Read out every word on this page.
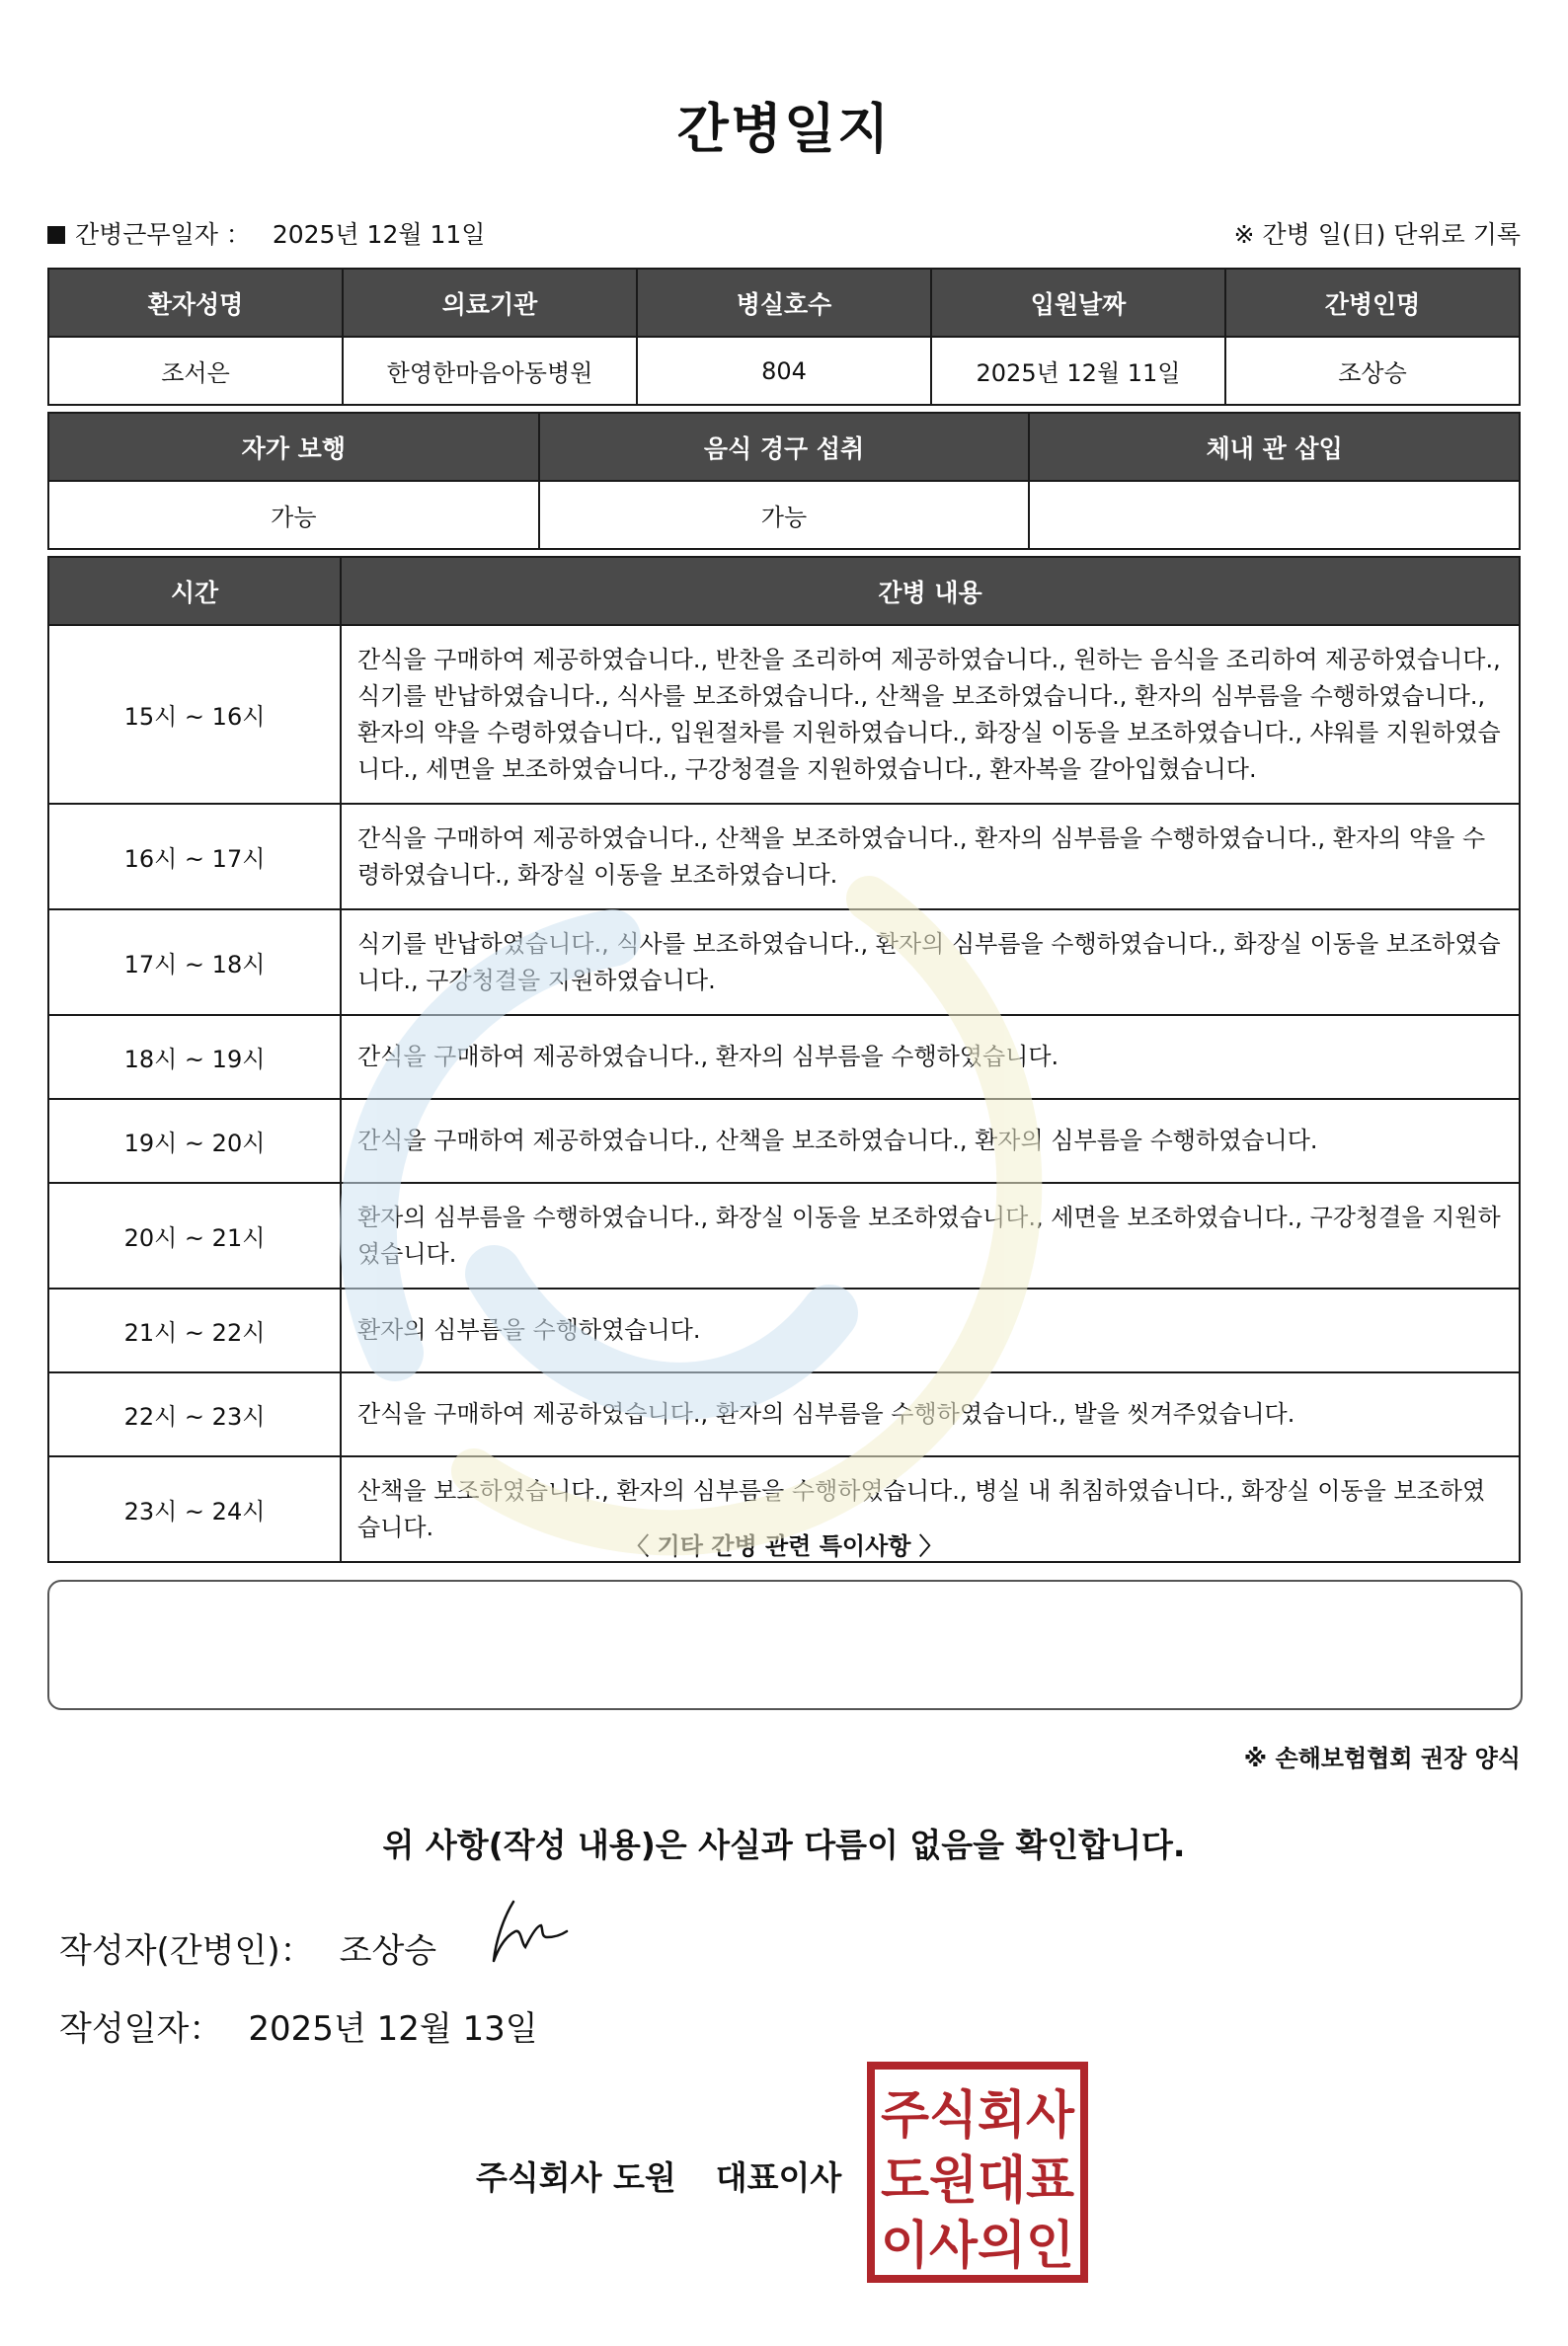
간병일지
간병근무일자 ： 2025년 12월 11일	※ 간병 일(日) 단위로 기록
환자성명	의료기관	병실호수	입원날짜	간병인명
조서은	한영한마음아동병원	804	2025년 12월 11일	조상승
자가 보행	음식 경구 섭취	체내 관 삽입
가능	가능	
시간	간병 내용
15시 ~ 16시	간식을 구매하여 제공하였습니다., 반찬을 조리하여 제공하였습니다., 원하는 음식을 조리하여 제공하였습니다., 식기를 반납하였습니다., 식사를 보조하였습니다., 산책을 보조하였습니다., 환자의 심부름을 수행하였습니다., 환자의 약을 수령하였습니다., 입원절차를 지원하였습니다., 화장실 이동을 보조하였습니다., 샤워를 지원하였습니다., 세면을 보조하였습니다., 구강청결을 지원하였습니다., 환자복을 갈아입혔습니다.
16시 ~ 17시	간식을 구매하여 제공하였습니다., 산책을 보조하였습니다., 환자의 심부름을 수행하였습니다., 환자의 약을 수령하였습니다., 화장실 이동을 보조하였습니다.
17시 ~ 18시	식기를 반납하였습니다., 식사를 보조하였습니다., 환자의 심부름을 수행하였습니다., 화장실 이동을 보조하였습니다., 구강청결을 지원하였습니다.
18시 ~ 19시	간식을 구매하여 제공하였습니다., 환자의 심부름을 수행하였습니다.
19시 ~ 20시	간식을 구매하여 제공하였습니다., 산책을 보조하였습니다., 환자의 심부름을 수행하였습니다.
20시 ~ 21시	환자의 심부름을 수행하였습니다., 화장실 이동을 보조하였습니다., 세면을 보조하였습니다., 구강청결을 지원하였습니다.
21시 ~ 22시	환자의 심부름을 수행하였습니다.
22시 ~ 23시	간식을 구매하여 제공하였습니다., 환자의 심부름을 수행하였습니다., 발을 씻겨주었습니다.
23시 ~ 24시	산책을 보조하였습니다., 환자의 심부름을 수행하였습니다., 병실 내 취침하였습니다., 화장실 이동을 보조하였습니다.
〈 기타 간병 관련 특이사항 〉
※ 손해보험협회 권장 양식
위 사항(작성 내용)은 사실과 다름이 없음을 확인합니다.
작성자(간병인)： 조상승
작성일자： 2025년 12월 13일
주식회사 도원 대표이사
주식회사
도원대표
이사의인
